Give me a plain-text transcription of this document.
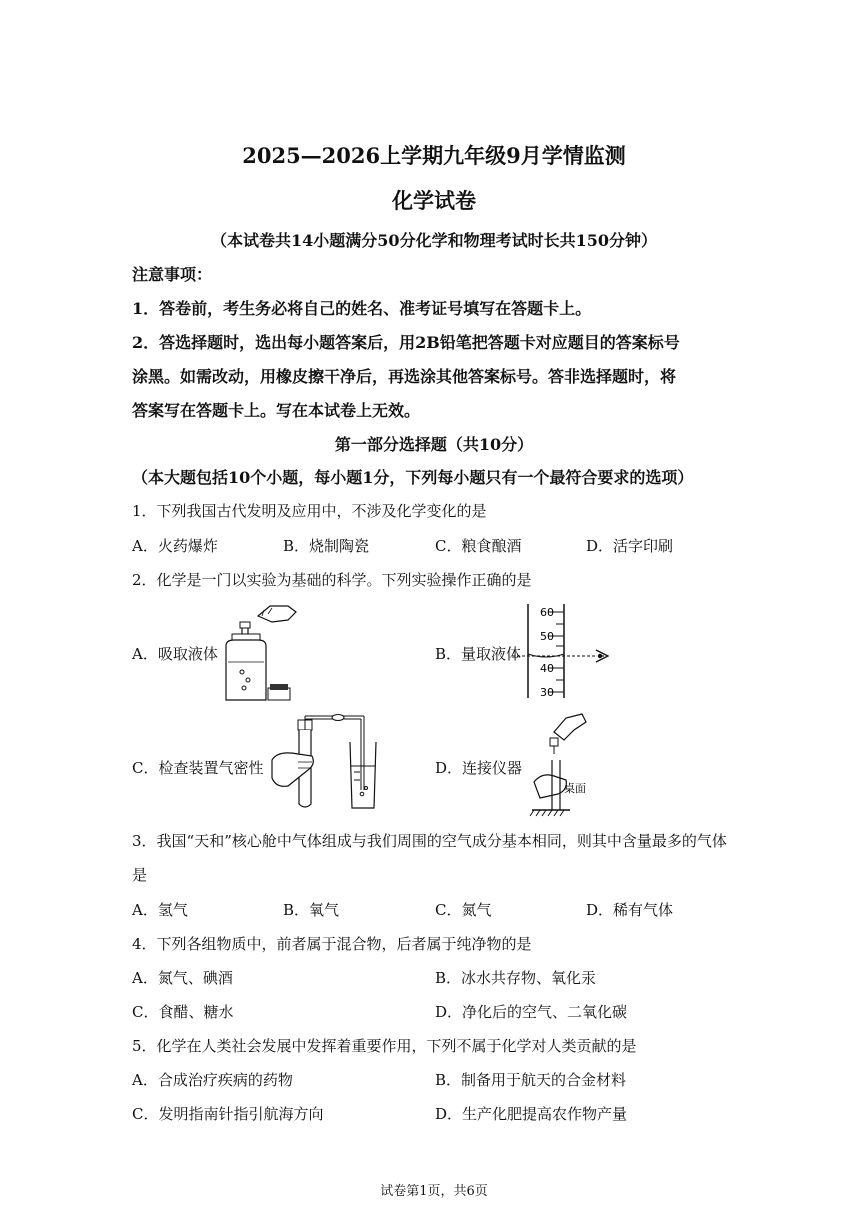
2025—2026上学期九年级9月学情监测
化学试卷
（本试卷共14小题满分50分化学和物理考试时长共150分钟）
注意事项：
1．答卷前，考生务必将自己的姓名、准考证号填写在答题卡上。
2．答选择题时，选出每小题答案后，用2B铅笔把答题卡对应题目的答案标号
涂黑。如需改动，用橡皮擦干净后，再选涂其他答案标号。答非选择题时，将
答案写在答题卡上。写在本试卷上无效。
第一部分选择题（共10分）
（本大题包括10个小题，每小题1分，下列每小题只有一个最符合要求的选项）
1．下列我国古代发明及应用中，不涉及化学变化的是
A．火药爆炸	B．烧制陶瓷	C．粮食酿酒	D．活字印刷
2．化学是一门以实验为基础的科学。下列实验操作正确的是
A．吸取液体	B．量取液体
C．检查装置气密性	D．连接仪器
60
50
40
30
桌面
3．我国“天和”核心舱中气体组成与我们周围的空气成分基本相同，则其中含量最多的气体
是
A．氢气	B．氧气	C．氮气	D．稀有气体
4．下列各组物质中，前者属于混合物，后者属于纯净物的是
A．氮气、碘酒	B．冰水共存物、氧化汞
C．食醋、糖水	D．净化后的空气、二氧化碳
5．化学在人类社会发展中发挥着重要作用，下列不属于化学对人类贡献的是
A．合成治疗疾病的药物	B．制备用于航天的合金材料
C．发明指南针指引航海方向	D．生产化肥提高农作物产量
试卷第1页，共6页
